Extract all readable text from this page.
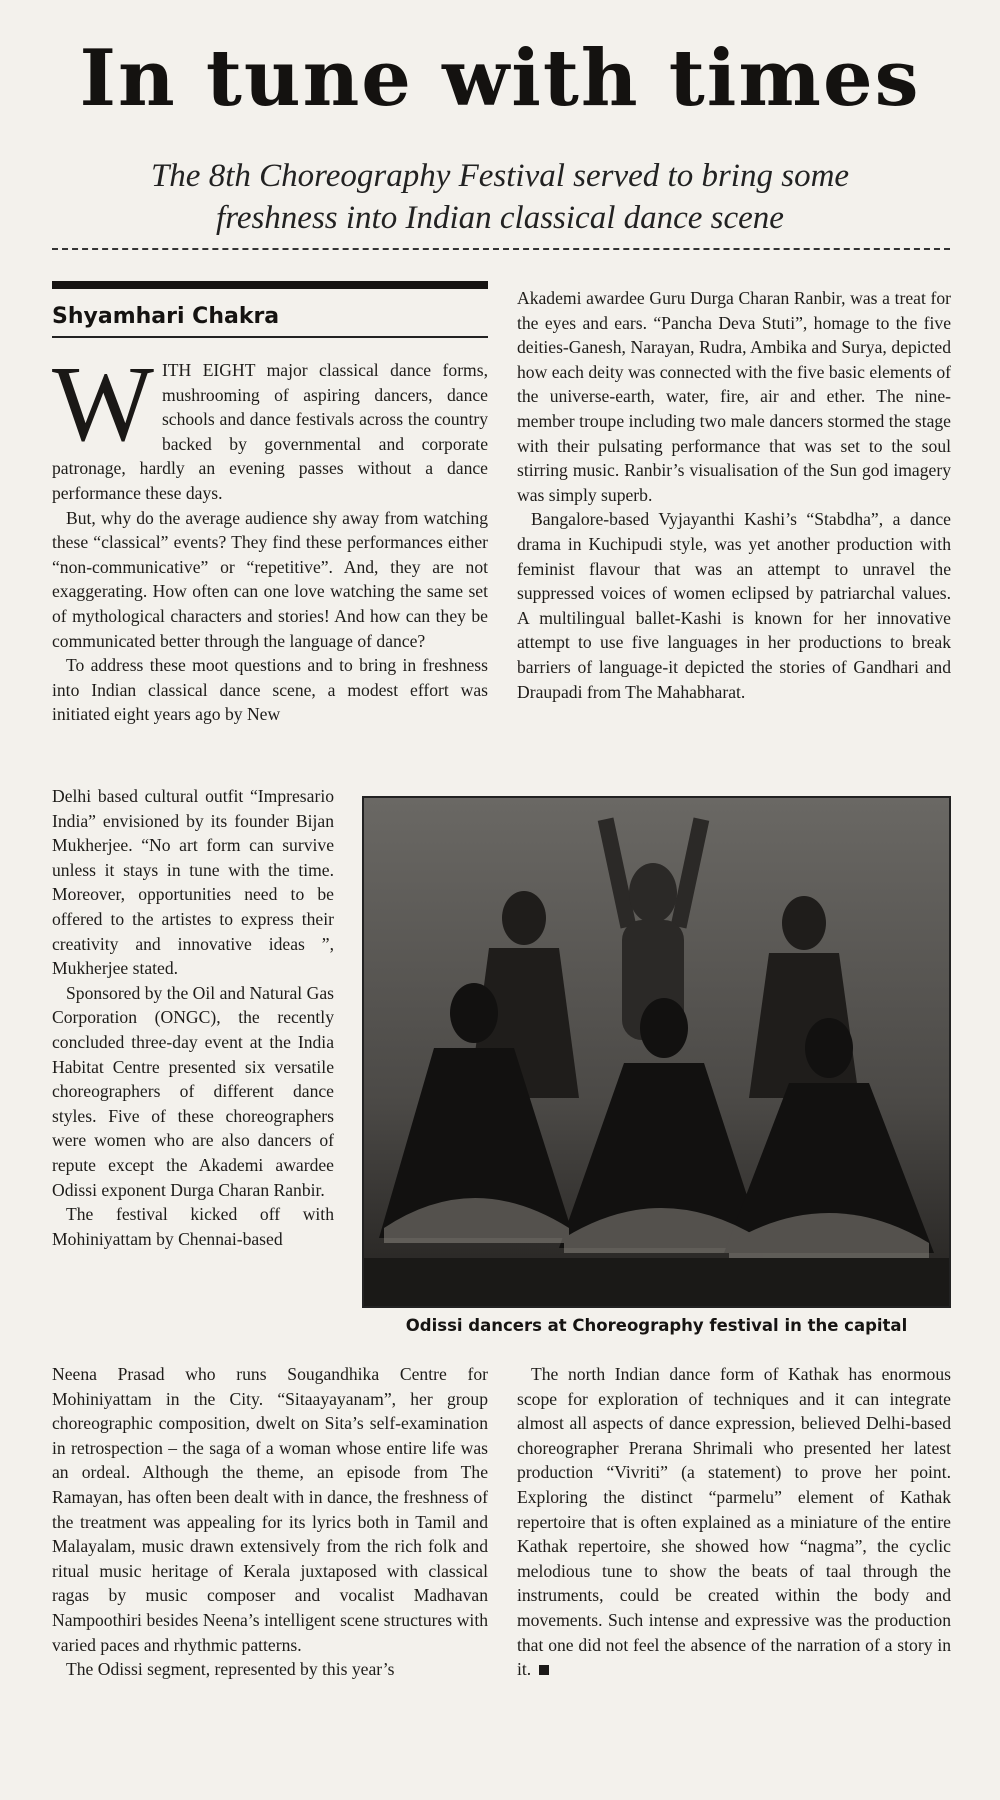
In tune with times
The 8th Choreography Festival served to bring some
freshness into Indian classical dance scene
Shyamhari Chakra

WITH EIGHT major classical dance forms, mushrooming of aspiring dancers, dance schools and dance festivals across the country backed by governmental and corporate patronage, hardly an evening passes without a dance performance these days.

But, why do the average audience shy away from watching these “classical” events? They find these performances either “non-communicative” or “repetitive”. And, they are not exaggerating. How often can one love watching the same set of mythological characters and stories! And how can they be communicated better through the language of dance?

To address these moot questions and to bring in freshness into Indian classical dance scene, a modest effort was initiated eight years ago by New

Delhi based cultural outfit “Impresario India” envisioned by its founder Bijan Mukherjee. “No art form can survive unless it stays in tune with the time. Moreover, opportunities need to be offered to the artistes to express their creativity and innovative ideas ”, Mukherjee stated.

Sponsored by the Oil and Natural Gas Corporation (ONGC), the recently concluded three-day event at the India Habitat Centre presented six versatile choreographers of different dance styles. Five of these choreographers were women who are also dancers of repute except the Akademi awardee Odissi exponent Durga Charan Ranbir.

The festival kicked off with Mohiniyattam by Chennai-based

Neena Prasad who runs Sougandhika Centre for Mohiniyattam in the City. “Sitaayayanam”, her group choreographic composition, dwelt on Sita’s self-examination in retrospection – the saga of a woman whose entire life was an ordeal. Although the theme, an episode from The Ramayan, has often been dealt with in dance, the freshness of the treatment was appealing for its lyrics both in Tamil and Malayalam, music drawn extensively from the rich folk and ritual music heritage of Kerala juxtaposed with classical ragas by music composer and vocalist Madhavan Nampoothiri besides Neena’s intelligent scene structures with varied paces and rhythmic patterns.

The Odissi segment, represented by this year’s

Akademi awardee Guru Durga Charan Ranbir, was a treat for the eyes and ears. “Pancha Deva Stuti”, homage to the five deities-Ganesh, Narayan, Rudra, Ambika and Surya, depicted how each deity was connected with the five basic elements of the universe-earth, water, fire, air and ether. The nine-member troupe including two male dancers stormed the stage with their pulsating performance that was set to the soul stirring music. Ranbir’s visualisation of the Sun god imagery was simply superb.

Bangalore-based Vyjayanthi Kashi’s “Stabdha”, a dance drama in Kuchipudi style, was yet another production with feminist flavour that was an attempt to unravel the suppressed voices of women eclipsed by patriarchal values. A multilingual ballet-Kashi is known for her innovative attempt to use five languages in her productions to break barriers of language-it depicted the stories of Gandhari and Draupadi from The Mahabharat.

Odissi dancers at Choreography festival in the capital

The north Indian dance form of Kathak has enormous scope for exploration of techniques and it can integrate almost all aspects of dance expression, believed Delhi-based choreographer Prerana Shrimali who presented her latest production “Vivriti” (a statement) to prove her point. Exploring the distinct “parmelu” element of Kathak repertoire that is often explained as a miniature of the entire Kathak repertoire, she showed how “nagma”, the cyclic melodious tune to show the beats of taal through the instruments, could be created within the body and movements. Such intense and expressive was the production that one did not feel the absence of the narration of a story in it.
